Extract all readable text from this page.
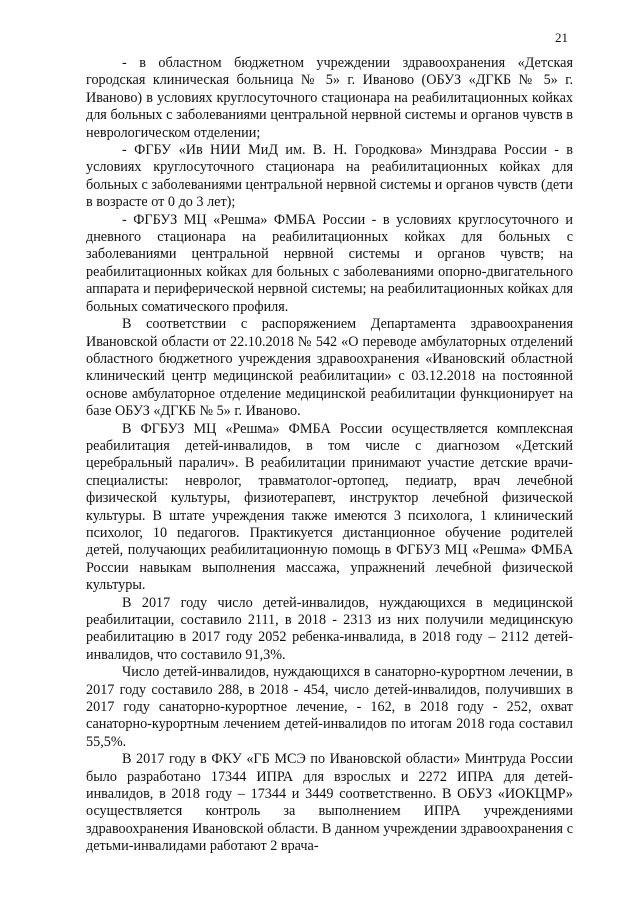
21

- в областном бюджетном учреждении здравоохранения «Детская городская клиническая больница № 5» г. Иваново (ОБУЗ «ДГКБ № 5» г. Иваново) в условиях круглосуточного стационара на реабилитационных койках для больных с заболеваниями центральной нервной системы и органов чувств в неврологическом отделении;

- ФГБУ «Ив НИИ МиД им. В. Н. Городкова» Минздрава России - в условиях круглосуточного стационара на реабилитационных койках для больных с заболеваниями центральной нервной системы и органов чувств (дети в возрасте от 0 до 3 лет);

- ФГБУЗ МЦ «Решма» ФМБА России - в условиях круглосуточного и дневного стационара на реабилитационных койках для больных с заболеваниями центральной нервной системы и органов чувств; на реабилитационных койках для больных с заболеваниями опорно-двигательного аппарата и периферической нервной системы; на реабилитационных койках для больных соматического профиля.

В соответствии с распоряжением Департамента здравоохранения Ивановской области от 22.10.2018 № 542 «О переводе амбулаторных отделений областного бюджетного учреждения здравоохранения «Ивановский областной клинический центр медицинской реабилитации» с 03.12.2018 на постоянной основе амбулаторное отделение медицинской реабилитации функционирует на базе ОБУЗ «ДГКБ № 5» г. Иваново.

В ФГБУЗ МЦ «Решма» ФМБА России осуществляется комплексная реабилитация детей-инвалидов, в том числе с диагнозом «Детский церебральный паралич». В реабилитации принимают участие детские врачи-специалисты: невролог, травматолог-ортопед, педиатр, врач лечебной физической культуры, физиотерапевт, инструктор лечебной физической культуры. В штате учреждения также имеются 3 психолога, 1 клинический психолог, 10 педагогов. Практикуется дистанционное обучение родителей детей, получающих реабилитационную помощь в ФГБУЗ МЦ «Решма» ФМБА России навыкам выполнения массажа, упражнений лечебной физической культуры.

В 2017 году число детей-инвалидов, нуждающихся в медицинской реабилитации, составило 2111, в 2018 - 2313 из них получили медицинскую реабилитацию в 2017 году 2052 ребенка-инвалида, в 2018 году – 2112 детей-инвалидов, что составило 91,3%.

Число детей-инвалидов, нуждающихся в санаторно-курортном лечении, в 2017 году составило 288, в 2018 - 454, число детей-инвалидов, получивших в 2017 году санаторно-курортное лечение, - 162, в 2018 году - 252, охват санаторно-курортным лечением детей-инвалидов по итогам 2018 года составил 55,5%.

В 2017 году в ФКУ «ГБ МСЭ по Ивановской области» Минтруда России было разработано 17344 ИПРА для взрослых и 2272 ИПРА для детей-инвалидов, в 2018 году – 17344 и 3449 соответственно. В ОБУЗ «ИОКЦМР» осуществляется контроль за выполнением ИПРА учреждениями здравоохранения Ивановской области. В данном учреждении здравоохранения с детьми-инвалидами работают 2 врача-
